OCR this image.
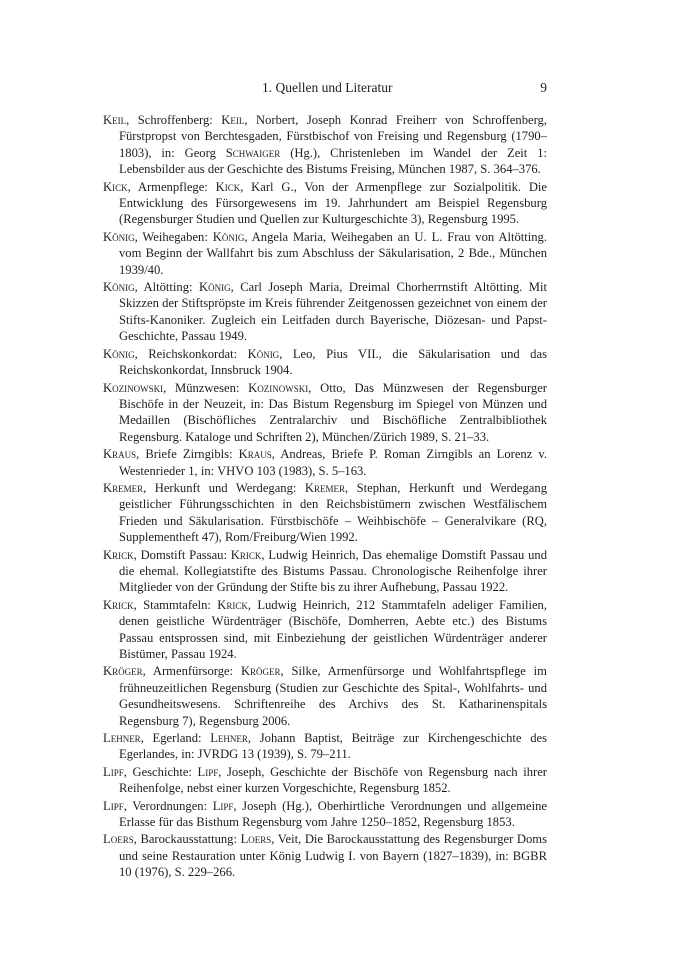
1. Quellen und Literatur	9

Keil, Schroffenberg: Keil, Norbert, Joseph Konrad Freiherr von Schroffenberg, Fürstpropst von Berchtesgaden, Fürstbischof von Freising und Regensburg (1790–1803), in: Georg Schwaiger (Hg.), Christenleben im Wandel der Zeit 1: Lebensbilder aus der Geschichte des Bistums Freising, München 1987, S. 364–376.

Kick, Armenpflege: Kick, Karl G., Von der Armenpflege zur Sozialpolitik. Die Entwicklung des Fürsorgewesens im 19. Jahrhundert am Beispiel Regensburg (Regensburger Studien und Quellen zur Kulturgeschichte 3), Regensburg 1995.

König, Weihegaben: König, Angela Maria, Weihegaben an U. L. Frau von Altötting. vom Beginn der Wallfahrt bis zum Abschluss der Säkularisation, 2 Bde., München 1939/40.

König, Altötting: König, Carl Joseph Maria, Dreimal Chorherrnstift Altötting. Mit Skizzen der Stiftspröpste im Kreis führender Zeitgenossen gezeichnet von einem der Stifts-Kanoniker. Zugleich ein Leitfaden durch Bayerische, Diözesan- und Papst-Geschichte, Passau 1949.

König, Reichskonkordat: König, Leo, Pius VII., die Säkularisation und das Reichskonkordat, Innsbruck 1904.

Kozinowski, Münzwesen: Kozinowski, Otto, Das Münzwesen der Regensburger Bischöfe in der Neuzeit, in: Das Bistum Regensburg im Spiegel von Münzen und Medaillen (Bischöfliches Zentralarchiv und Bischöfliche Zentralbibliothek Regensburg. Kataloge und Schriften 2), München/Zürich 1989, S. 21–33.

Kraus, Briefe Zirngibls: Kraus, Andreas, Briefe P. Roman Zirngibls an Lorenz v. Westenrieder 1, in: VHVO 103 (1983), S. 5–163.

Kremer, Herkunft und Werdegang: Kremer, Stephan, Herkunft und Werdegang geistlicher Führungsschichten in den Reichsbistümern zwischen Westfälischem Frieden und Säkularisation. Fürstbischöfe – Weihbischöfe – Generalvikare (RQ, Supplementheft 47), Rom/Freiburg/Wien 1992.

Krick, Domstift Passau: Krick, Ludwig Heinrich, Das ehemalige Domstift Passau und die ehemal. Kollegiatstifte des Bistums Passau. Chronologische Reihenfolge ihrer Mitglieder von der Gründung der Stifte bis zu ihrer Aufhebung, Passau 1922.

Krick, Stammtafeln: Krick, Ludwig Heinrich, 212 Stammtafeln adeliger Familien, denen geistliche Würdenträger (Bischöfe, Domherren, Aebte etc.) des Bistums Passau entsprossen sind, mit Einbeziehung der geistlichen Würdenträger anderer Bistümer, Passau 1924.

Kröger, Armenfürsorge: Kröger, Silke, Armenfürsorge und Wohlfahrtspflege im frühneuzeitlichen Regensburg (Studien zur Geschichte des Spital-, Wohlfahrts- und Gesundheitswesens. Schriftenreihe des Archivs des St. Katharinenspitals Regensburg 7), Regensburg 2006.

Lehner, Egerland: Lehner, Johann Baptist, Beiträge zur Kirchengeschichte des Egerlandes, in: JVRDG 13 (1939), S. 79–211.

Lipf, Geschichte: Lipf, Joseph, Geschichte der Bischöfe von Regensburg nach ihrer Reihenfolge, nebst einer kurzen Vorgeschichte, Regensburg 1852.

Lipf, Verordnungen: Lipf, Joseph (Hg.), Oberhirtliche Verordnungen und allgemeine Erlasse für das Bisthum Regensburg vom Jahre 1250–1852, Regensburg 1853.

Loers, Barockausstattung: Loers, Veit, Die Barockausstattung des Regensburger Doms und seine Restauration unter König Ludwig I. von Bayern (1827–1839), in: BGBR 10 (1976), S. 229–266.
